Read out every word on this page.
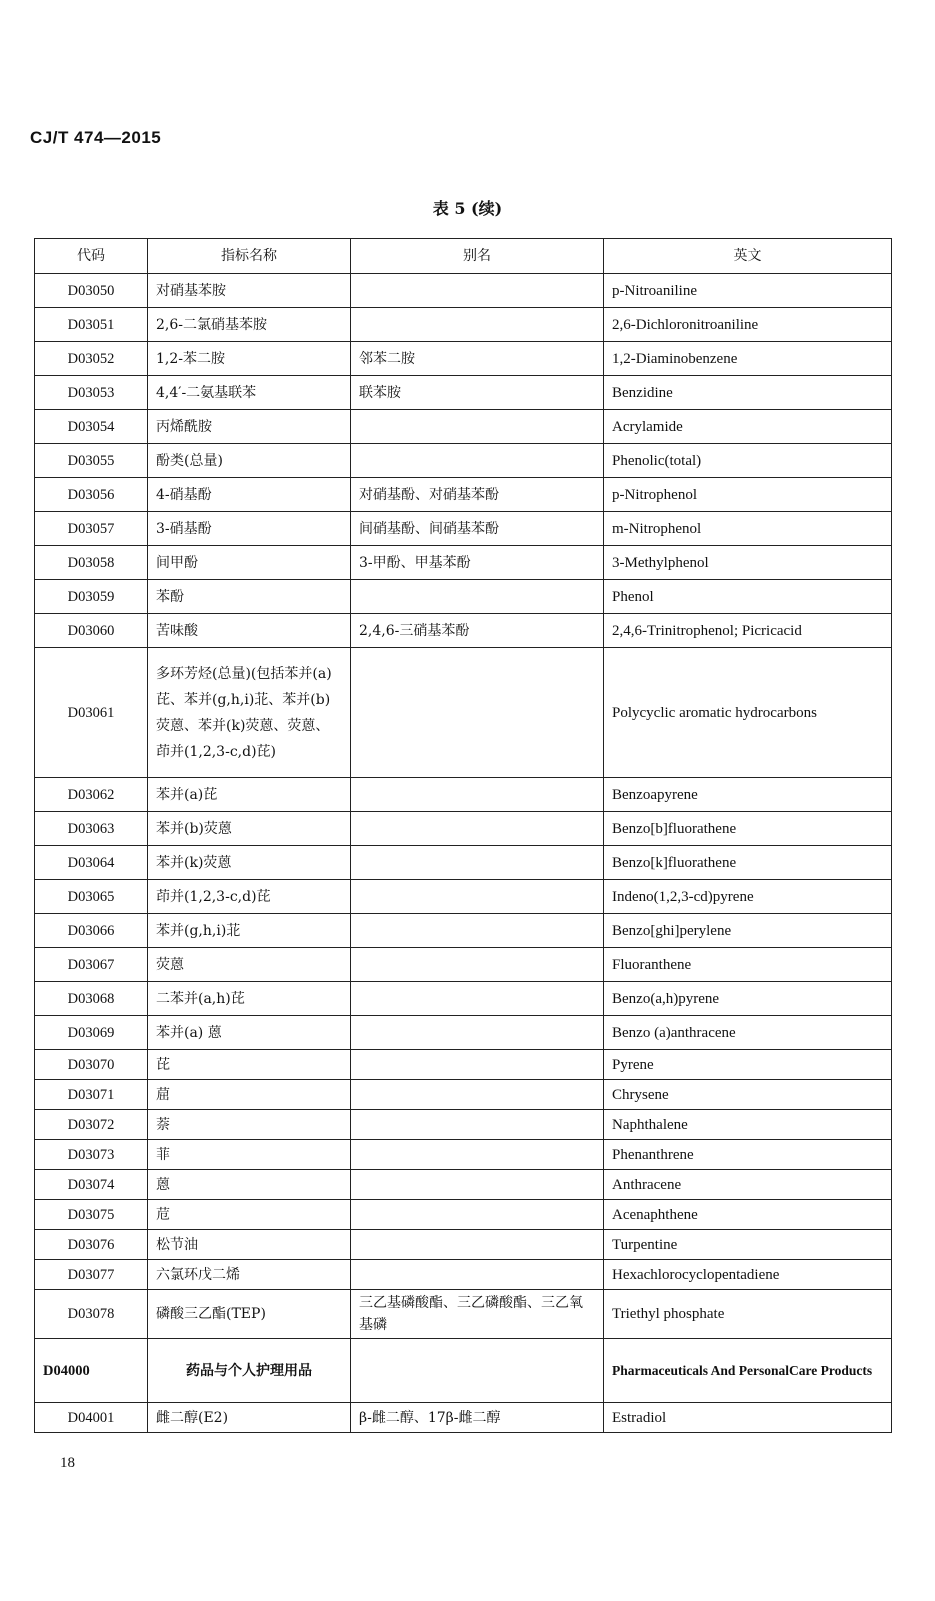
CJ/T 474—2015
表 5 (续)
代码	指标名称	别名	英文
D03050	对硝基苯胺		p-Nitroaniline
D03051	2,6-二氯硝基苯胺		2,6-Dichloronitroaniline
D03052	1,2-苯二胺	邻苯二胺	1,2-Diaminobenzene
D03053	4,4′-二氨基联苯	联苯胺	Benzidine
D03054	丙烯酰胺		Acrylamide
D03055	酚类(总量)		Phenolic(total)
D03056	4-硝基酚	对硝基酚、对硝基苯酚	p-Nitrophenol
D03057	3-硝基酚	间硝基酚、间硝基苯酚	m-Nitrophenol
D03058	间甲酚	3-甲酚、甲基苯酚	3-Methylphenol
D03059	苯酚		Phenol
D03060	苦味酸	2,4,6-三硝基苯酚	2,4,6-Trinitrophenol; Picricacid
D03061	多环芳烃(总量)(包括苯并(a)芘、苯并(g,h,i)苝、苯并(b)荧蒽、苯并(k)荧蒽、荧蒽、茚并(1,2,3-c,d)芘)		Polycyclic aromatic hydrocarbons
D03062	苯并(a)芘		Benzoapyrene
D03063	苯并(b)荧蒽		Benzo[b]fluorathene
D03064	苯并(k)荧蒽		Benzo[k]fluorathene
D03065	茚并(1,2,3-c,d)芘		Indeno(1,2,3-cd)pyrene
D03066	苯并(g,h,i)苝		Benzo[ghi]perylene
D03067	荧蒽		Fluoranthene
D03068	二苯并(a,h)芘		Benzo(a,h)pyrene
D03069	苯并(a) 蒽		Benzo (a)anthracene
D03070	芘		Pyrene
D03071	䓛		Chrysene
D03072	萘		Naphthalene
D03073	菲		Phenanthrene
D03074	蒽		Anthracene
D03075	苊		Acenaphthene
D03076	松节油		Turpentine
D03077	六氯环戊二烯		Hexachlorocyclopentadiene
D03078	磷酸三乙酯(TEP)	三乙基磷酸酯、三乙磷酸酯、三乙氧基磷	Triethyl phosphate
D04000	药品与个人护理用品		Pharmaceuticals And PersonalCare Products
D04001	雌二醇(E2)	β-雌二醇、17β-雌二醇	Estradiol
18
